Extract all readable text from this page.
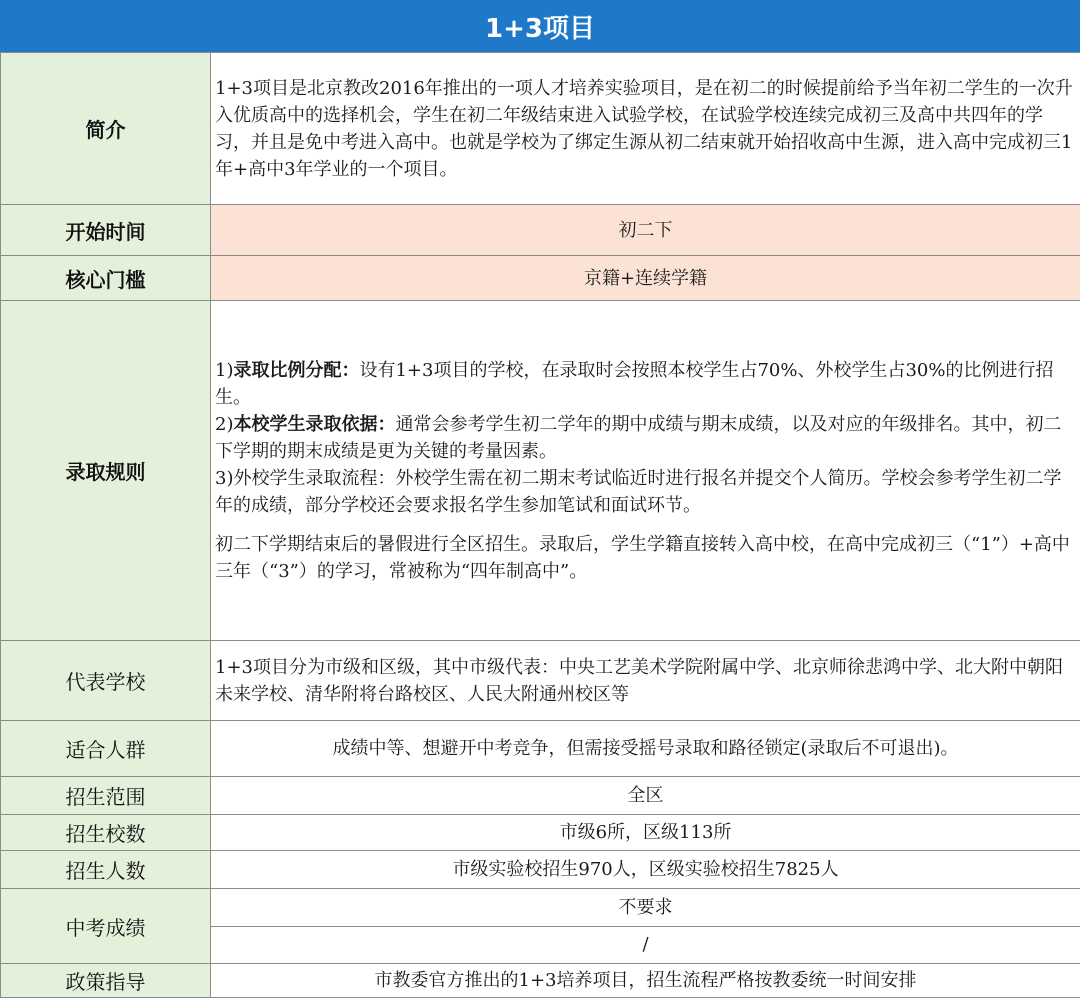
1+3项目
简介	1+3项目是北京教改2016年推出的一项人才培养实验项目，是在初二的时候提前给予当年初二学生的一次升入优质高中的选择机会，学生在初二年级结束进入试验学校，在试验学校连续完成初三及高中共四年的学习，并且是免中考进入高中。也就是学校为了绑定生源从初二结束就开始招收高中生源，进入高中完成初三1年+高中3年学业的一个项目。

开始时间	初二下
核心门槛	京籍+连续学籍
录取规则	1)录取比例分配：设有1+3项目的学校，在录取时会按照本校学生占70%、外校学生占30%的比例进行招生。
2)本校学生录取依据：通常会参考学生初二学年的期中成绩与期末成绩，以及对应的年级排名。其中，初二下学期的期末成绩是更为关键的考量因素。
3)外校学生录取流程：外校学生需在初二期末考试临近时进行报名并提交个人简历。学校会参考学生初二学年的成绩，部分学校还会要求报名学生参加笔试和面试环节。
初二下学期结束后的暑假进行全区招生。录取后，学生学籍直接转入高中校，在高中完成初三（“1”）+高中三年（“3”）的学习，常被称为“四年制高中”。

代表学校	1+3项目分为市级和区级，其中市级代表：中央工艺美术学院附属中学、北京师徐悲鸿中学、北大附中朝阳未来学校、清华附将台路校区、人民大附通州校区等

适合人群	成绩中等、想避开中考竞争，但需接受摇号录取和路径锁定(录取后不可退出)。
招生范围	全区
招生校数	市级6所，区级113所
招生人数	市级实验校招生970人，区级实验校招生7825人
中考成绩	不要求
/

政策指导	市教委官方推出的1+3培养项目，招生流程严格按教委统一时间安排
